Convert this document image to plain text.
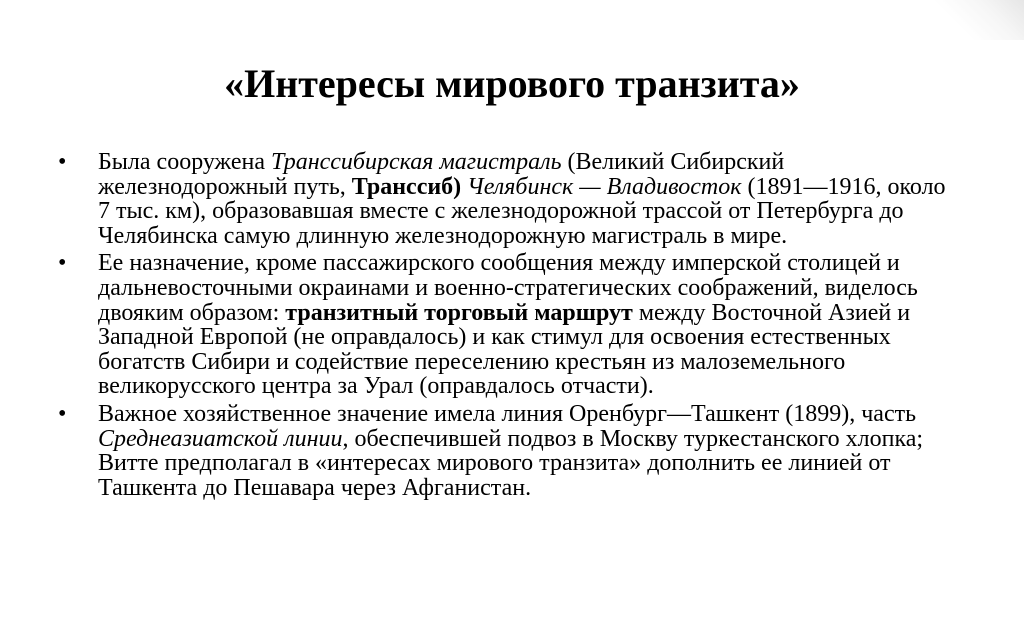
«Интересы мирового транзита»
•	Была сооружена Транссибирская магистраль (Великий Сибирский железнодорожный путь, Транссиб) Челябинск — Владивосток (1891—1916, около 7 тыс. км), образовавшая вместе с железнодорожной трассой от Петербурга до Челябинска самую длинную железнодорожную магистраль в мире.
•	Ее назначение, кроме пассажирского сообщения между имперской столицей и дальневосточными окраинами и военно-стратегических соображений, виделось двояким образом: транзитный торговый маршрут между Восточной Азией и Западной Европой (не оправдалось) и как стимул для освоения естественных богатств Сибири и содействие переселению крестьян из малоземельного великорусского центра за Урал (оправдалось отчасти).
•	Важное хозяйственное значение имела линия Оренбург—Ташкент (1899), часть Среднеазиатской линии, обеспечившей подвоз в Москву туркестанского хлопка; Витте предполагал в «интересах мирового транзита» дополнить ее линией от Ташкента до Пешавара через Афганистан.
